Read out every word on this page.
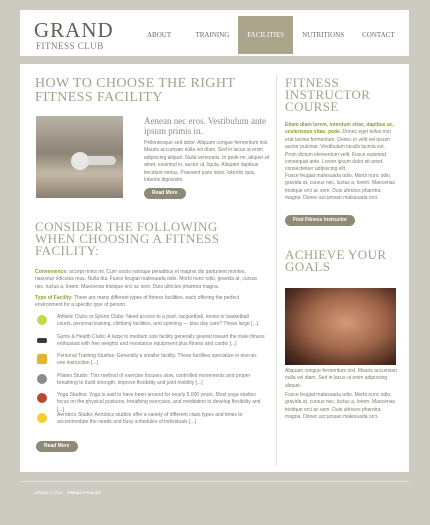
GRAND
FITNESS CLUB
ABOUT	TRAINING	FACILITIES	NUTRITIONS	CONTACT
HOW TO CHOOSE THE RIGHT FITNESS FACILITY
Aenean nec eros. Vestibulum ante ipsum primis in.
Pellentesque sed dolor. Aliquam congue fermentum nisl. Mauris accumsan nulla vel diam. Sed in lacus ut enim adipiscing aliquet. Nulla venenatis. In pede mi, aliquet sit amet, euismod in, auctor ut, ligula. Aliquam dapibus tincidunt metus. Praesent justo dolor, lobortis quis, lobortis dignissim.
Read More
CONSIDER THE FOLLOWING WHEN CHOOSING A FITNESS FACILITY:
Convenience: accept minis mi. Cum sociis natoque penatibus et magnis dis parturient montes, nascetur ridiculus mus. Nulla dui. Fusce feugiat malesuada odio. Morbi nunc odio, gravida at, cursus nec, luctus a, lorem. Maecenas tristique orci ac sem. Duis ultricies pharetra magna.
Type of Facility: There are many different types of fitness facilities, each offering the perfect environment for a specific type of person.
Athletic Clubs or Sports Clubs: Need access to a pool, racquetball, tennis or basketball courts, personal training, climbing facilities, and spinning — plus day care? These large [...]
Gyms & Health Clubs: A large to medium size facility generally geared toward the male fitness enthusiast with free weights and resistance equipment plus fitness and cardio [...]
Personal Training Studios: Generally a smaller facility. These facilities specialize in one-on-one instruction [...]
Pilates Studio: This method of exercise focuses slow, controlled movements and proper breathing to build strength, improve flexibility and joint mobility [...]
Yoga Studios: Yoga is said to have been around for nearly 5,000 years. Most yoga studios focus on the physical postures, breathing exercises, and meditation to develop flexibility and [...]
Aerobics Studio: Aerobics studios offer a variety of different class types and times to accommodate the needs and busy schedules of individuals [...]
Read More
FITNESS INSTRUCTOR COURSE
Etiam diam lorem, interdum vitae, dapibus ac, scelerisque vitae, pede. Donec eget tellus non erat lacinia fermentum. Donec in velit vel ipsum auctor pulvinar. Vestibulum iaculis lacinia est. Proin dictum elementum velit. Fusce euismod consequat ante. Lorem ipsum dolor sit amet, consectetuer adipiscing elit.
Fusce feugiat malesuada odio. Morbi nunc odio, gravida at, cursus nec, luctus a, lorem. Maecenas tristique orci ac sem. Duis ultricies pharetra magna. Donec accumsan malesuada orci.
Find Fitness Instructor
ACHIEVE YOUR GOALS
Aliquam congue fermentum nisl. Mauris accumsan nulla vel diam. Sed in lacus ut enim adipiscing aliquet.
Fusce feugiat malesuada odio. Morbi nunc odio, gravida at, cursus nec, luctus a, lorem. Maecenas tristique orci ac sem. Duis ultricies pharetra magna. Donec accumsan malesuada orci.
GRAND © 2010 PRIVACY POLICY
